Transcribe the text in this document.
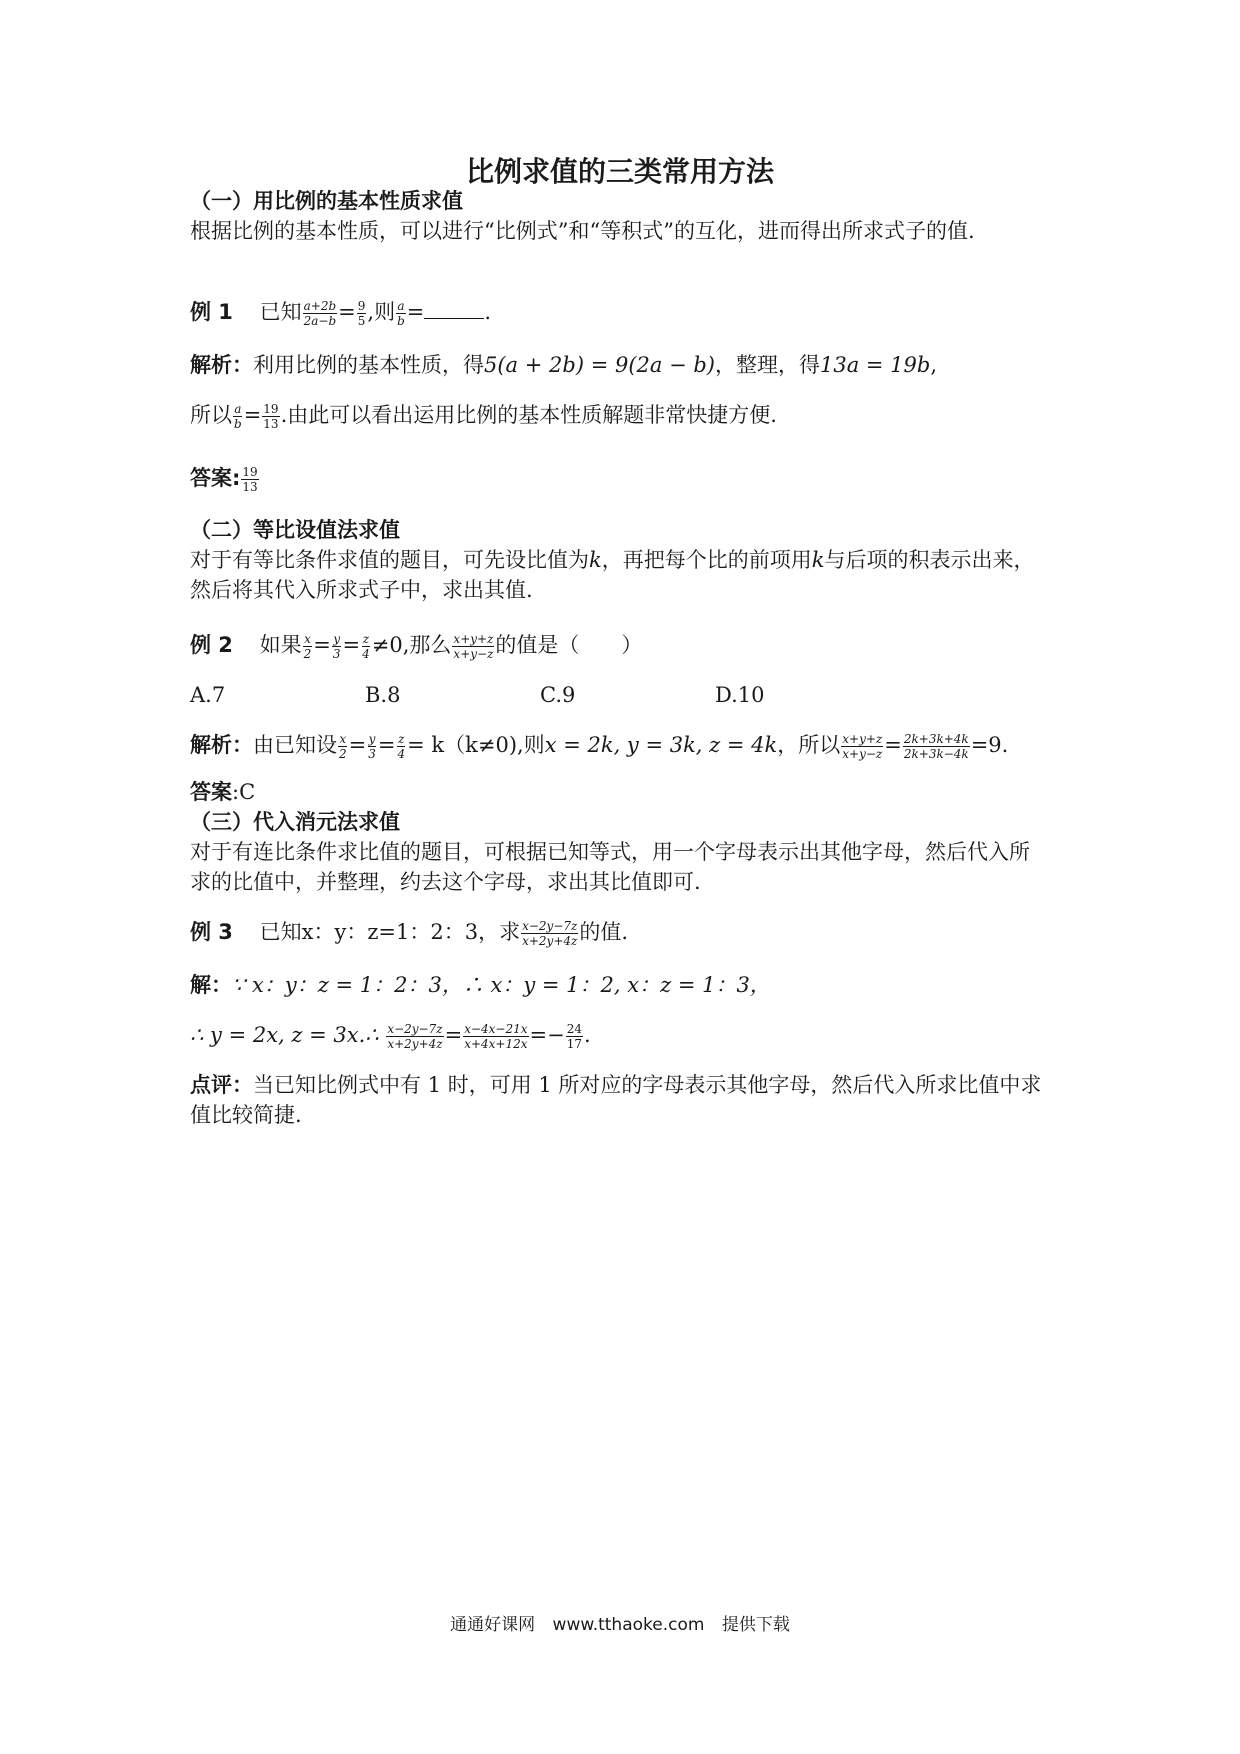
比例求值的三类常用方法
（一）用比例的基本性质求值
根据比例的基本性质，可以进行“比例式”和“等积式”的互化，进而得出所求式子的值.
例 1 已知 $\frac{a+2b}{2a-b} = \frac{9}{5}$ ,则 $\frac{a}{b}$ =	.
解析：利用比例的基本性质，得5(a + 2b) = 9(2a − b)，整理，得13a = 19b,
所以 $\frac{a}{b} = \frac{19}{13}$ .由此可以看出运用比例的基本性质解题非常快捷方便.
答案: $\frac{19}{13}$
（二）等比设值法求值
对于有等比条件求值的题目，可先设比值为k，再把每个比的前项用k与后项的积表示出来，然后将其代入所求式子中，求出其值.
例 2 如果 $\frac{x}{2} = \frac{y}{3} = \frac{z}{4} \ne 0$,那么 $\frac{x+y+z}{x+y-z}$ 的值是（　　）
A.7	B.8	C.9	D.10
解析：由已知设 $\frac{x}{2} = \frac{y}{3} = \frac{z}{4} = k(k\ne 0)$,则x = 2k, y = 3k, z = 4k，所以 $\frac{x+y+z}{x+y-z} = \frac{2k+3k+4k}{2k+3k-4k} =9$.
答案:C
（三）代入消元法求值
对于有连比条件求比值的题目，可根据已知等式，用一个字母表示出其他字母，然后代入所求的比值中，并整理，约去这个字母，求出其比值即可.
例 3 已知x：y：z=1：2：3，求 $\frac{x-2y-7z}{x+2y+4z}$ 的值.
解：∵ x：y：z = 1：2：3，∴ x：y = 1：2, x：z = 1：3，
∴ y = 2x, z = 3x.∴ $\frac{x-2y-7z}{x+2y+4z} = \frac{x-4x-21x}{x+4x+12x} =- \frac{24}{17}$ .
点评：当已知比例式中有 1 时，可用 1 所对应的字母表示其他字母，然后代入所求比值中求值比较简捷.
通通好课网 www.tthaoke.com 提供下载
